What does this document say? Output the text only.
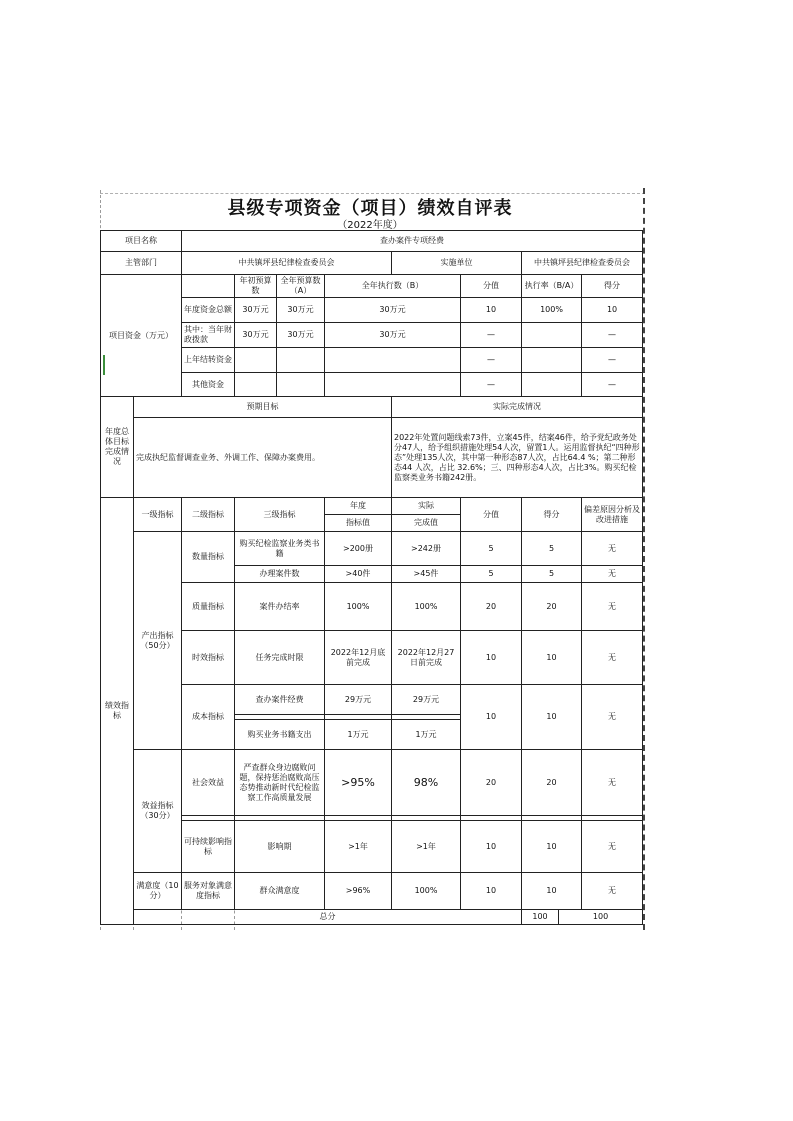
县级专项资金（项目）绩效自评表
（2022年度）
项目名称		查办案件专项经费									
主管部门		中共镇坪县纪律检查委员会				实施单位		中共镇坪县纪律检查委员会			
项目资金（万元）			年初预算数	全年预算数（A）	全年执行数（B）		分值	执行率（B/A）		得分	
		年度资金总额	30万元	30万元	30万元		10	100%		10	
		其中：当年财政拨款	30万元	30万元	30万元		—			—	
		上年结转资金					—			—	
		其他资金					—			—	
年度总体目标完成情况	预期目标					实际完成情况					
	完成执纪监督调查业务、外调工作、保障办案费用。					2022年处置问题线索73件，立案45件，结案46件，给予党纪政务处分47人，给予组织措施处理54人次，留置1人。运用监督执纪“四种形态”处理135人次，其中第一种形态87人次，占比64.4 %；第二种形态44 人次，占比 32.6%；三、四种形态4人次，占比3%。购买纪检监察类业务书籍242册。					
绩效指标	一级指标	二级指标	三级指标		年度	实际	分值	得分		偏差原因分析及改进措施	
					指标值	完成值					
	产出指标（50分）	数量指标	购买纪检监察业务类书籍		>200册	>242册	5	5		无	
			办理案件数		>40件	>45件	5	5		无	
		质量指标	案件办结率		100%	100%	20	20		无	
		时效指标	任务完成时限		2022年12月底前完成	2022年12月27日前完成	10	10		无	
		成本指标	查办案件经费		29万元	29万元	10	10		无	

			购买业务书籍支出		1万元	1万元					
	效益指标（30分）	社会效益	严查群众身边腐败问题，保持惩治腐败高压态势推动新时代纪检监察工作高质量发展		>95%	98%	20	20		无	

		可持续影响指标	影响期		>1年	>1年	10	10		无	
	满意度（10分）	服务对象满意度指标	群众满意度		>96%	100%	10	10		无	
	总分							100	100		
